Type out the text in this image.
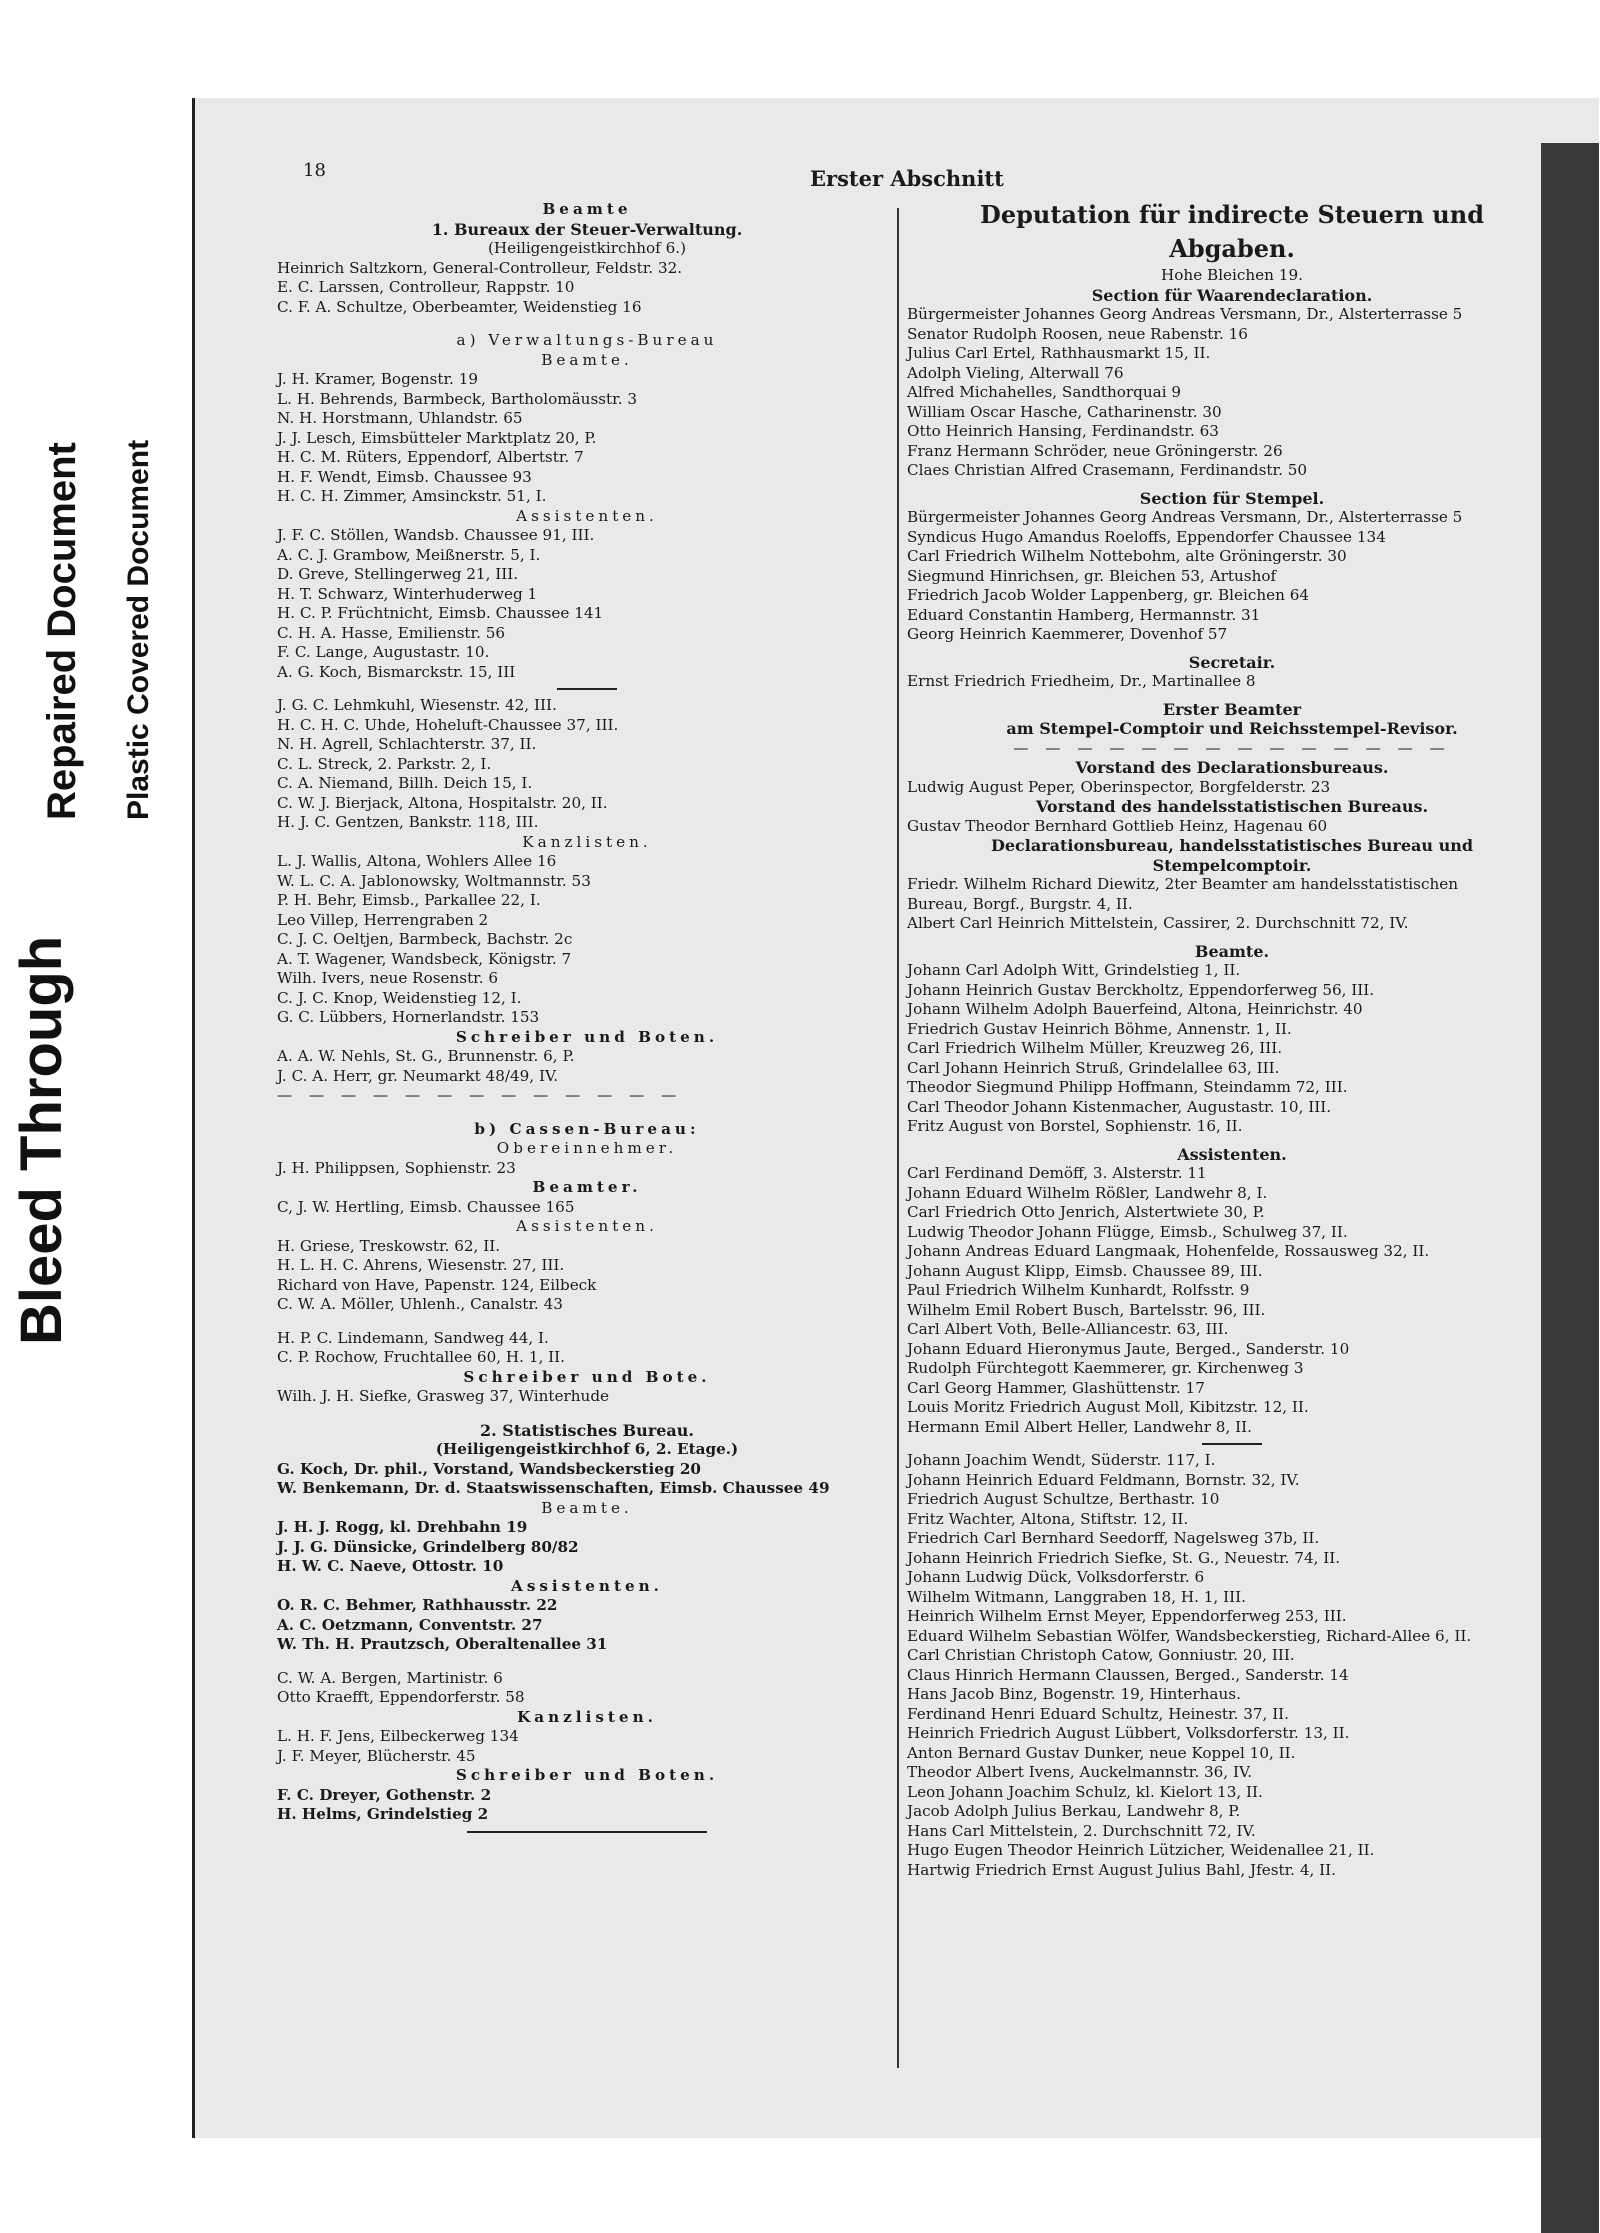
Bleed Through
Repaired Document Plastic Covered Document
18	Erster Abschnitt
Beamte
1. Bureaux der Steuer-Verwaltung.
(Heiligengeistkirchhof 6.)
Heinrich Saltzkorn, General-Controlleur, Feldstr. 32.
E. C. Larssen, Controlleur, Rappstr. 10
C. F. A. Schultze, Oberbeamter, Weidenstieg 16
a) Verwaltungs-Bureau
Beamte.
J. H. Kramer, Bogenstr. 19
L. H. Behrends, Barmbeck, Bartholomäusstr. 3
N. H. Horstmann, Uhlandstr. 65
J. J. Lesch, Eimsbütteler Marktplatz 20, P.
H. C. M. Rüters, Eppendorf, Albertstr. 7
H. F. Wendt, Eimsb. Chaussee 93
H. C. H. Zimmer, Amsinckstr. 51, I.
Assistenten.
J. F. C. Stöllen, Wandsb. Chaussee 91, III.
A. C. J. Grambow, Meißnerstr. 5, I.
D. Greve, Stellingerweg 21, III.
H. T. Schwarz, Winterhuderweg 1
H. C. P. Früchtnicht, Eimsb. Chaussee 141
C. H. A. Hasse, Emilienstr. 56
F. C. Lange, Augustastr. 10.
A. G. Koch, Bismarckstr. 15, III
J. G. C. Lehmkuhl, Wiesenstr. 42, III.
H. C. H. C. Uhde, Hoheluft-Chaussee 37, III.
N. H. Agrell, Schlachterstr. 37, II.
C. L. Streck, 2. Parkstr. 2, I.
C. A. Niemand, Billh. Deich 15, I.
C. W. J. Bierjack, Altona, Hospitalstr. 20, II.
H. J. C. Gentzen, Bankstr. 118, III.
Kanzlisten.
L. J. Wallis, Altona, Wohlers Allee 16
W. L. C. A. Jablonowsky, Woltmannstr. 53
P. H. Behr, Eimsb., Parkallee 22, I.
Leo Villep, Herrengraben 2
C. J. C. Oeltjen, Barmbeck, Bachstr. 2c
A. T. Wagener, Wandsbeck, Königstr. 7
Wilh. Ivers, neue Rosenstr. 6
C. J. C. Knop, Weidenstieg 12, I.
G. C. Lübbers, Hornerlandstr. 153
Schreiber und Boten.
A. A. W. Nehls, St. G., Brunnenstr. 6, P.
J. C. A. Herr, gr. Neumarkt 48/49, IV.
— — — — — — — — — — — — —
b) Cassen-Bureau:
Obereinnehmer.
J. H. Philippsen, Sophienstr. 23
Beamter.
C, J. W. Hertling, Eimsb. Chaussee 165
Assistenten.
H. Griese, Treskowstr. 62, II.
H. L. H. C. Ahrens, Wiesenstr. 27, III.
Richard von Have, Papenstr. 124, Eilbeck
C. W. A. Möller, Uhlenh., Canalstr. 43
H. P. C. Lindemann, Sandweg 44, I.
C. P. Rochow, Fruchtallee 60, H. 1, II.
Schreiber und Bote.
Wilh. J. H. Siefke, Grasweg 37, Winterhude
2. Statistisches Bureau.
(Heiligengeistkirchhof 6, 2. Etage.)
G. Koch, Dr. phil., Vorstand, Wandsbeckerstieg 20
W. Benkemann, Dr. d. Staatswissenschaften, Eimsb. Chaussee 49
Beamte.
J. H. J. Rogg, kl. Drehbahn 19
J. J. G. Dünsicke, Grindelberg 80/82
H. W. C. Naeve, Ottostr. 10
Assistenten.
O. R. C. Behmer, Rathhausstr. 22
A. C. Oetzmann, Conventstr. 27
W. Th. H. Prautzsch, Oberaltenallee 31
C. W. A. Bergen, Martinistr. 6
Otto Kraefft, Eppendorferstr. 58
Kanzlisten.
L. H. F. Jens, Eilbeckerweg 134
J. F. Meyer, Blücherstr. 45
Schreiber und Boten.
F. C. Dreyer, Gothenstr. 2
H. Helms, Grindelstieg 2
Deputation für indirecte Steuern und
Abgaben.
Hohe Bleichen 19.
Section für Waarendeclaration.
Bürgermeister Johannes Georg Andreas Versmann, Dr., Alsterterrasse 5
Senator Rudolph Roosen, neue Rabenstr. 16
Julius Carl Ertel, Rathhausmarkt 15, II.
Adolph Vieling, Alterwall 76
Alfred Michahelles, Sandthorquai 9
William Oscar Hasche, Catharinenstr. 30
Otto Heinrich Hansing, Ferdinandstr. 63
Franz Hermann Schröder, neue Gröningerstr. 26
Claes Christian Alfred Crasemann, Ferdinandstr. 50
Section für Stempel.
Bürgermeister Johannes Georg Andreas Versmann, Dr., Alsterterrasse 5
Syndicus Hugo Amandus Roeloffs, Eppendorfer Chaussee 134
Carl Friedrich Wilhelm Nottebohm, alte Gröningerstr. 30
Siegmund Hinrichsen, gr. Bleichen 53, Artushof
Friedrich Jacob Wolder Lappenberg, gr. Bleichen 64
Eduard Constantin Hamberg, Hermannstr. 31
Georg Heinrich Kaemmerer, Dovenhof 57
Secretair.
Ernst Friedrich Friedheim, Dr., Martinallee 8
Erster Beamter
am Stempel-Comptoir und Reichsstempel-Revisor.
— — — — — — — — — — — — — —
Vorstand des Declarationsbureaus.
Ludwig August Peper, Oberinspector, Borgfelderstr. 23
Vorstand des handelsstatistischen Bureaus.
Gustav Theodor Bernhard Gottlieb Heinz, Hagenau 60
Declarationsbureau, handelsstatistisches Bureau und
Stempelcomptoir.
Friedr. Wilhelm Richard Diewitz, 2ter Beamter am handelsstatistischen
Bureau, Borgf., Burgstr. 4, II.
Albert Carl Heinrich Mittelstein, Cassirer, 2. Durchschnitt 72, IV.
Beamte.
Johann Carl Adolph Witt, Grindelstieg 1, II.
Johann Heinrich Gustav Berckholtz, Eppendorferweg 56, III.
Johann Wilhelm Adolph Bauerfeind, Altona, Heinrichstr. 40
Friedrich Gustav Heinrich Böhme, Annenstr. 1, II.
Carl Friedrich Wilhelm Müller, Kreuzweg 26, III.
Carl Johann Heinrich Struß, Grindelallee 63, III.
Theodor Siegmund Philipp Hoffmann, Steindamm 72, III.
Carl Theodor Johann Kistenmacher, Augustastr. 10, III.
Fritz August von Borstel, Sophienstr. 16, II.
Assistenten.
Carl Ferdinand Demöff, 3. Alsterstr. 11
Johann Eduard Wilhelm Rößler, Landwehr 8, I.
Carl Friedrich Otto Jenrich, Alstertwiete 30, P.
Ludwig Theodor Johann Flügge, Eimsb., Schulweg 37, II.
Johann Andreas Eduard Langmaak, Hohenfelde, Rossausweg 32, II.
Johann August Klipp, Eimsb. Chaussee 89, III.
Paul Friedrich Wilhelm Kunhardt, Rolfsstr. 9
Wilhelm Emil Robert Busch, Bartelsstr. 96, III.
Carl Albert Voth, Belle-Alliancestr. 63, III.
Johann Eduard Hieronymus Jaute, Berged., Sanderstr. 10
Rudolph Fürchtegott Kaemmerer, gr. Kirchenweg 3
Carl Georg Hammer, Glashüttenstr. 17
Louis Moritz Friedrich August Moll, Kibitzstr. 12, II.
Hermann Emil Albert Heller, Landwehr 8, II.
Johann Joachim Wendt, Süderstr. 117, I.
Johann Heinrich Eduard Feldmann, Bornstr. 32, IV.
Friedrich August Schultze, Berthastr. 10
Fritz Wachter, Altona, Stiftstr. 12, II.
Friedrich Carl Bernhard Seedorff, Nagelsweg 37b, II.
Johann Heinrich Friedrich Siefke, St. G., Neuestr. 74, II.
Johann Ludwig Dück, Volksdorferstr. 6
Wilhelm Witmann, Langgraben 18, H. 1, III.
Heinrich Wilhelm Ernst Meyer, Eppendorferweg 253, III.
Eduard Wilhelm Sebastian Wölfer, Wandsbeckerstieg, Richard-Allee 6, II.
Carl Christian Christoph Catow, Gonniustr. 20, III.
Claus Hinrich Hermann Claussen, Berged., Sanderstr. 14
Hans Jacob Binz, Bogenstr. 19, Hinterhaus.
Ferdinand Henri Eduard Schultz, Heinestr. 37, II.
Heinrich Friedrich August Lübbert, Volksdorferstr. 13, II.
Anton Bernard Gustav Dunker, neue Koppel 10, II.
Theodor Albert Ivens, Auckelmannstr. 36, IV.
Leon Johann Joachim Schulz, kl. Kielort 13, II.
Jacob Adolph Julius Berkau, Landwehr 8, P.
Hans Carl Mittelstein, 2. Durchschnitt 72, IV.
Hugo Eugen Theodor Heinrich Lützicher, Weidenallee 21, II.
Hartwig Friedrich Ernst August Julius Bahl, Jfestr. 4, II.
